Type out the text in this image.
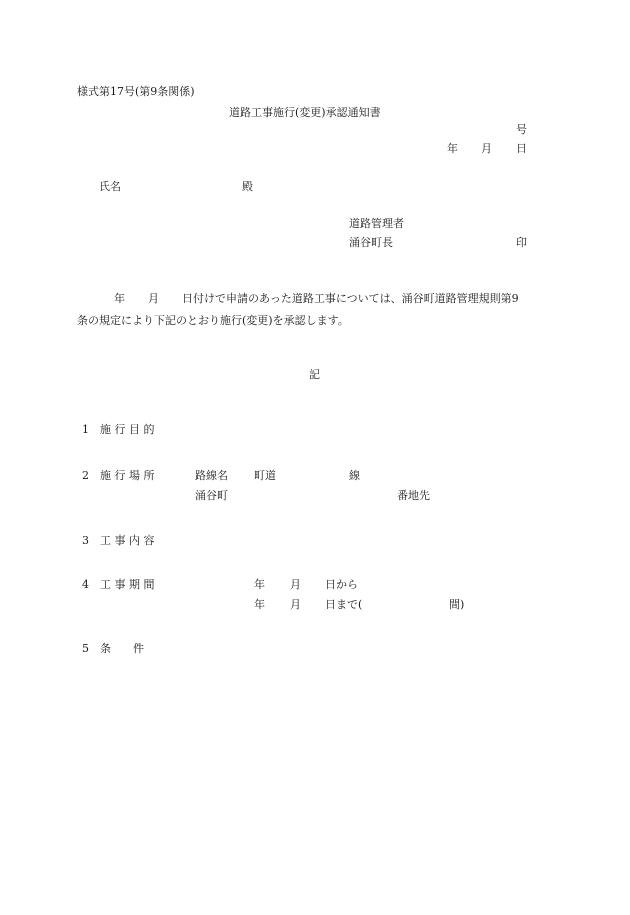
様式第17号(第9条関係)
道路工事施行(変更)承認通知書
号
年 月 日
氏名	殿
道路管理者
涌谷町長	印
年 月 日付けで申請のあった道路工事については、涌谷町道路管理規則第9
条の規定により下記のとおり施行(変更)を承認します。
記
1 施 行 目 的
2 施 行 場 所	路線名 町道	線
涌谷町	番地先
3 工 事 内 容
4 工 事 期 間	年 月 日から
年 月 日まで(	間)
5 条　　件
